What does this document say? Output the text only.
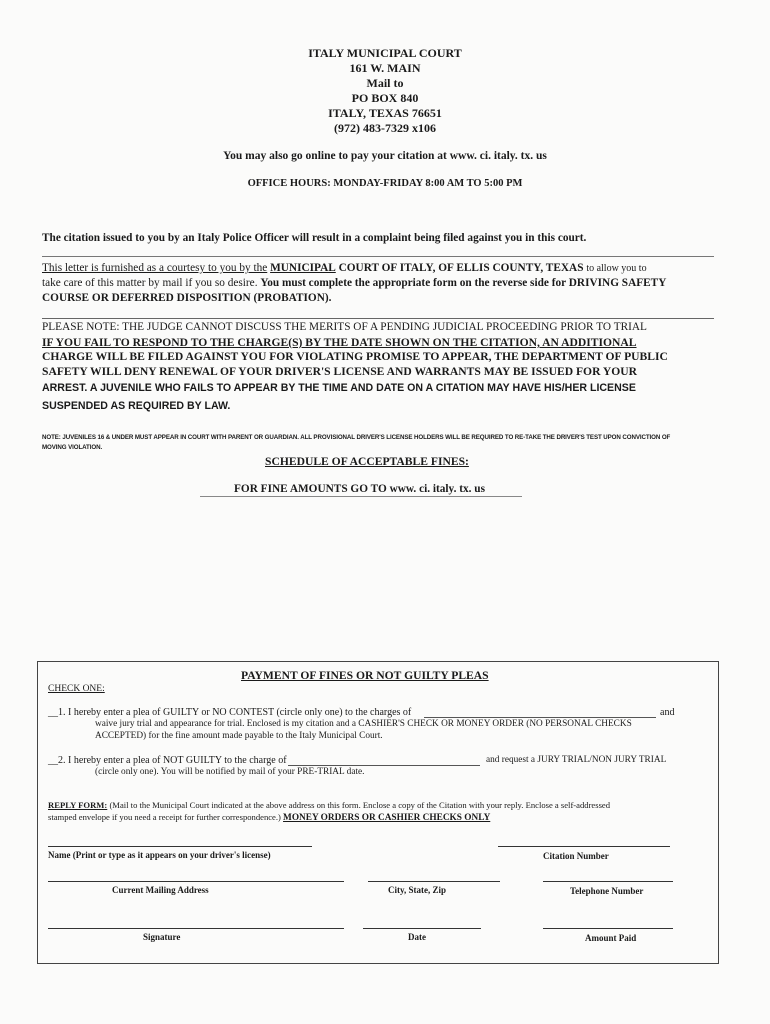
ITALY MUNICIPAL COURT
161 W. MAIN
Mail to
PO BOX 840
ITALY, TEXAS 76651
(972) 483-7329 x106
You may also go online to pay your citation at www. ci. italy. tx. us
OFFICE HOURS: MONDAY-FRIDAY 8:00 AM TO 5:00 PM
The citation issued to you by an Italy Police Officer will result in a complaint being filed against you in this court.
This letter is furnished as a courtesy to you by the MUNICIPAL COURT OF ITALY, OF ELLIS COUNTY, TEXAS to allow you to
take care of this matter by mail if you so desire. You must complete the appropriate form on the reverse side for DRIVING SAFETY
COURSE OR DEFERRED DISPOSITION (PROBATION).
PLEASE NOTE: THE JUDGE CANNOT DISCUSS THE MERITS OF A PENDING JUDICIAL PROCEEDING PRIOR TO TRIAL
IF YOU FAIL TO RESPOND TO THE CHARGE(S) BY THE DATE SHOWN ON THE CITATION, AN ADDITIONAL
CHARGE WILL BE FILED AGAINST YOU FOR VIOLATING PROMISE TO APPEAR, THE DEPARTMENT OF PUBLIC
SAFETY WILL DENY RENEWAL OF YOUR DRIVER'S LICENSE AND WARRANTS MAY BE ISSUED FOR YOUR
ARREST. A JUVENILE WHO FAILS TO APPEAR BY THE TIME AND DATE ON A CITATION MAY HAVE HIS/HER LICENSE
SUSPENDED AS REQUIRED BY LAW.
NOTE: JUVENILES 16 & UNDER MUST APPEAR IN COURT WITH PARENT OR GUARDIAN. ALL PROVISIONAL DRIVER'S LICENSE HOLDERS WILL BE REQUIRED TO RE-TAKE THE DRIVER'S TEST UPON CONVICTION OF
MOVING VIOLATION.
SCHEDULE OF ACCEPTABLE FINES:
FOR FINE AMOUNTS GO TO www. ci. italy. tx. us
PAYMENT OF FINES OR NOT GUILTY PLEAS
CHECK ONE:
__1. I hereby enter a plea of GUILTY or NO CONTEST (circle only one) to the charges of	and
waive jury trial and appearance for trial. Enclosed is my citation and a CASHIER'S CHECK OR MONEY ORDER (NO PERSONAL CHECKS
ACCEPTED) for the fine amount made payable to the Italy Municipal Court.
__2. I hereby enter a plea of NOT GUILTY to the charge of	and request a JURY TRIAL/NON JURY TRIAL
(circle only one). You will be notified by mail of your PRE-TRIAL date.
REPLY FORM: (Mail to the Municipal Court indicated at the above address on this form. Enclose a copy of the Citation with your reply. Enclose a self-addressed
stamped envelope if you need a receipt for further correspondence.) MONEY ORDERS OR CASHIER CHECKS ONLY
Name (Print or type as it appears on your driver's license)	Citation Number
Current Mailing Address	City, State, Zip	Telephone Number
Signature	Date	Amount Paid
